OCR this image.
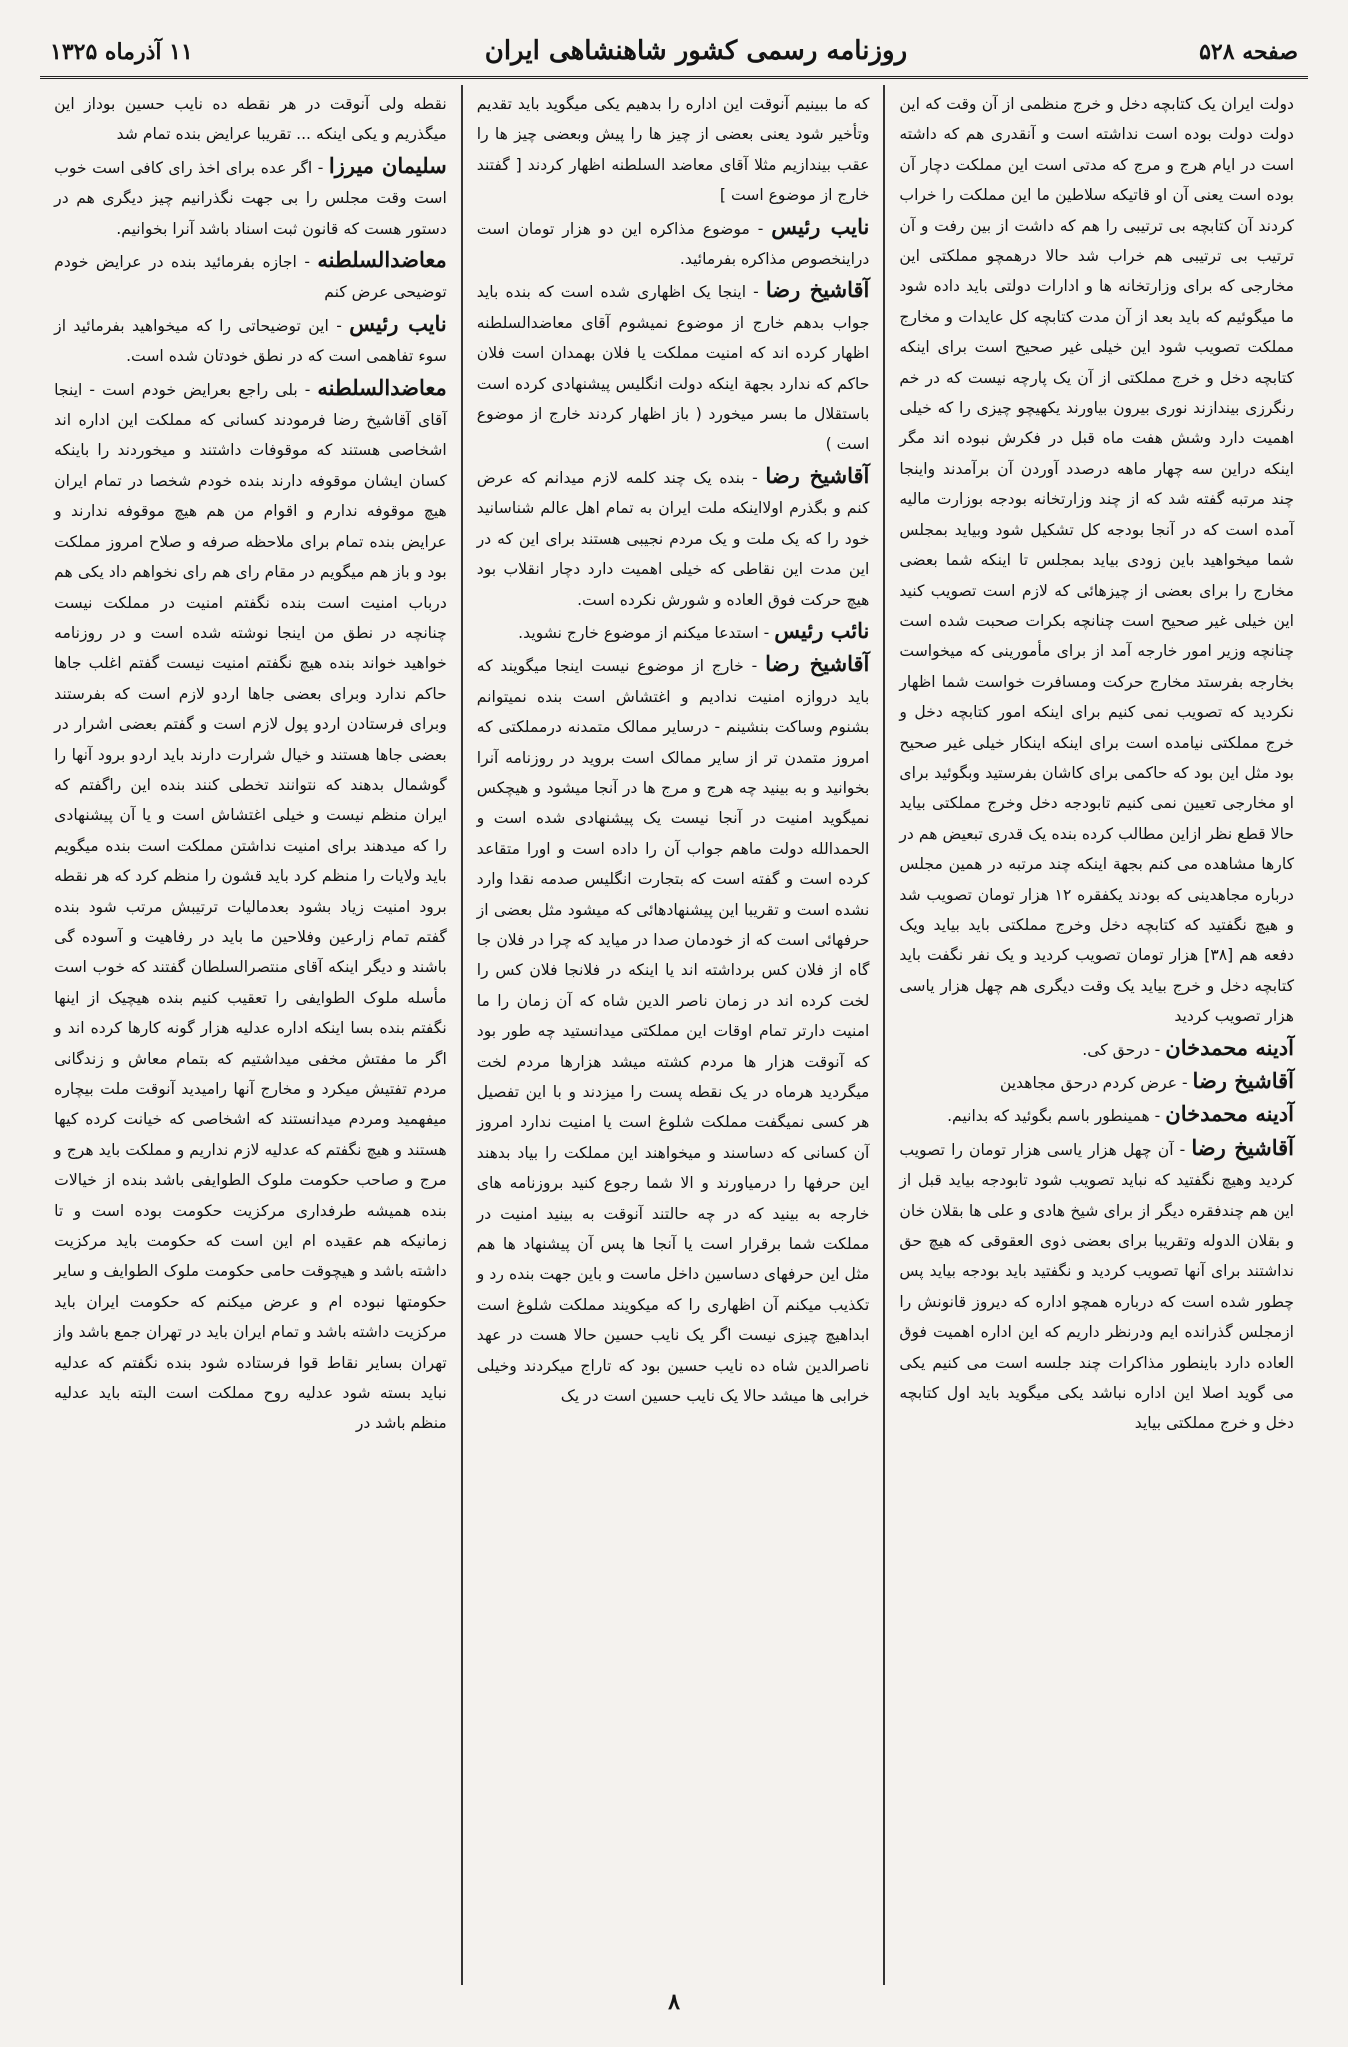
صفحه ۵۲۸
روزنامه رسمی کشور شاهنشاهی ایران
۱۱ آذرماه ۱۳۲۵

دولت ایران یک کتابچه دخل و خرج منظمی از آن وقت که این دولت دولت بوده است نداشته است و آنقدری هم که داشته است در ایام هرج و مرج که مدتی است این مملکت دچار آن بوده است یعنی آن او قاتیکه سلاطین ما این مملکت را خراب کردند آن کتابچه بی ترتیبی را هم که داشت از بین رفت و آن ترتیب بی ترتیبی هم خراب شد حالا درهمچو مملکتی این مخارجی که برای وزارتخانه ها و ادارات دولتی باید داده شود ما میگوئیم که باید بعد از آن مدت کتابچه کل عایدات و مخارج مملکت تصویب شود این خیلی غیر صحیح است برای اینکه کتابچه دخل و خرج مملکتی از آن یک پارچه نیست که در خم رنگرزی بیندازند نوری بیرون بیاورند یکهیچو چیزی را که خیلی اهمیت دارد وشش هفت ماه قبل در فکرش نبوده اند مگر اینکه دراین سه چهار ماهه درصدد آوردن آن برآمدند واینجا چند مرتبه گفته شد که از چند وزارتخانه بودجه بوزارت مالیه آمده است که در آنجا بودجه کل تشکیل شود وبیاید بمجلس شما میخواهید باین زودی بیاید بمجلس تا اینکه شما بعضی مخارج را برای بعضی از چیزهائی که لازم است تصویب کنید این خیلی غیر صحیح است چنانچه بکرات صحبت شده است چنانچه وزیر امور خارجه آمد از برای مأمورینی که میخواست بخارجه بفرستد مخارج حرکت ومسافرت خواست شما اظهار نکردید که تصویب نمی کنیم برای اینکه امور کتابچه دخل و خرج مملکتی نیامده است برای اینکه اینکار خیلی غیر صحیح بود مثل این بود که حاکمی برای کاشان بفرستید وبگوئید برای او مخارجی تعیین نمی کنیم تابودجه دخل وخرج مملکتی بیاید حالا قطع نظر ازاین مطالب کرده بنده یک قدری تبعیض هم در کارها مشاهده می کنم بجهة اینکه چند مرتبه در همین مجلس درباره مجاهدینی که بودند یکفقره ۱۲ هزار تومان تصویب شد و هیچ نگفتید که کتابچه دخل وخرج مملکتی باید بیاید ویک دفعه هم [۳۸] هزار تومان تصویب کردید و یک نفر نگفت باید کتابچه دخل و خرج بیاید یک وقت دیگری هم چهل هزار یاسی هزار تصویب کردید

آدینه محمدخان - درحق کی.

آقاشیخ رضا - عرض کردم درحق مجاهدین

آدینه محمدخان - همینطور باسم بگوئید که بدانیم.

آقاشیخ رضا - آن چهل هزار یاسی هزار تومان را تصویب کردید وهیچ نگفتید که نباید تصویب شود تابودجه بیاید قبل از این هم چندفقره دیگر از برای شیخ هادی و علی ها بقلان خان و بقلان الدوله وتقریبا برای بعضی ذوی العقوقی که هیچ حق نداشتند برای آنها تصویب کردید و نگفتید باید بودجه بیاید پس چطور شده است که درباره همچو اداره که دیروز قانونش را ازمجلس گذرانده ایم ودرنظر داریم که این اداره اهمیت فوق العاده دارد باینطور مذاکرات چند جلسه است می کنیم یکی می گوید اصلا این اداره نباشد یکی میگوید باید اول کتابچه دخل و خرج مملکتی بیاید

که ما ببینیم آنوقت این اداره را بدهیم یکی میگوید باید تقدیم وتأخیر شود یعنی بعضی از چیز ها را پیش وبعضی چیز ها را عقب بیندازیم مثلا آقای معاضد السلطنه اظهار کردند [ گفتند خارج از موضوع است ]

نایب رئیس - موضوع مذاکره این دو هزار تومان است دراینخصوص مذاکره بفرمائید.

آقاشیخ رضا - اینجا یک اظهاری شده است که بنده باید جواب بدهم خارج از موضوع نمیشوم آقای معاضدالسلطنه اظهار کرده اند که امنیت مملکت یا فلان بهمدان است فلان حاکم که ندارد بجهة اینکه دولت انگلیس پیشنهادی کرده است باستقلال ما بسر میخورد ( باز اظهار کردند خارج از موضوع است )

آقاشیخ رضا - بنده یک چند کلمه لازم میدانم که عرض کنم و بگذرم اولااینکه ملت ایران به تمام اهل عالم شناسانید خود را که یک ملت و یک مردم نجیبی هستند برای این که در این مدت این نقاطی که خیلی اهمیت دارد دچار انقلاب بود هیچ حرکت فوق العاده و شورش نکرده است.

نائب رئیس - استدعا میکنم از موضوع خارج نشوید.

آقاشیخ رضا - خارج از موضوع نیست اینجا میگویند که باید دروازه امنیت ندادیم و اغتشاش است بنده نمیتوانم بشنوم وساکت بنشینم - درسایر ممالک متمدنه درمملکتی که امروز متمدن تر از سایر ممالک است بروید در روزنامه آنرا بخوانید و به بینید چه هرج و مرج ها در آنجا میشود و هیچکس نمیگوید امنیت در آنجا نیست یک پیشنهادی شده است و الحمدالله دولت ماهم جواب آن را داده است و اورا متقاعد کرده است و گفته است که بتجارت انگلیس صدمه نقدا وارد نشده است و تقریبا این پیشنهادهائی که میشود مثل بعضی از حرفهائی است که از خودمان صدا در میاید که چرا در فلان جا گاه از فلان کس برداشته اند یا اینکه در فلانجا فلان کس را لخت کرده اند در زمان ناصر الدین شاه که آن زمان را ما امنیت دارتر تمام اوقات این مملکتی میدانستید چه طور بود که آنوقت هزار ها مردم کشته میشد هزارها مردم لخت میگردید هرماه در یک نقطه پست را میزدند و با این تفصیل هر کسی نمیگفت مملکت شلوغ است یا امنیت ندارد امروز آن کسانی که دساسند و میخواهند این مملکت را بیاد بدهند این حرفها را درمیاورند و الا شما رجوع کنید بروزنامه های خارجه به بینید که در چه حالتند آنوقت به بینید امنیت در مملکت شما برقرار است یا آنجا ها پس آن پیشنهاد ها هم مثل این حرفهای دساسین داخل ماست و باین جهت بنده رد و تکذیب میکنم آن اظهاری را که میکویند مملکت شلوغ است ابداهیچ چیزی نیست اگر یک نایب حسین حالا هست در عهد ناصرالدین شاه ده نایب حسین بود که تاراج میکردند وخیلی خرابی ها میشد حالا یک نایب حسین است در یک

نقطه ولی آنوقت در هر نقطه ده نایب حسین بوداز این میگذریم و یکی اینکه ... تقریبا عرایض بنده تمام شد

سلیمان میرزا - اگر عده برای اخذ رای کافی است خوب است وقت مجلس را بی جهت نگذرانیم چیز دیگری هم در دستور هست که قانون ثبت اسناد باشد آنرا بخوانیم.

معاضدالسلطنه - اجازه بفرمائید بنده در عرایض خودم توضیحی عرض کنم

نایب رئیس - این توضیحاتی را که میخواهید بفرمائید از سوء تفاهمی است که در نطق خودتان شده است.

معاضدالسلطنه - بلی راجع بعرایض خودم است - اینجا آقای آقاشیخ رضا فرمودند کسانی که مملکت این اداره اند اشخاصی هستند که موقوفات داشتند و میخوردند را باینکه کسان ایشان موقوفه دارند بنده خودم شخصا در تمام ایران هیچ موقوفه ندارم و اقوام من هم هیچ موقوفه ندارند و عرایض بنده تمام برای ملاحظه صرفه و صلاح امروز مملکت بود و باز هم میگویم در مقام رای هم رای نخواهم داد یکی هم درباب امنیت است بنده نگفتم امنیت در مملکت نیست چنانچه در نطق من اینجا نوشته شده است و در روزنامه خواهید خواند بنده هیچ نگفتم امنیت نیست گفتم اغلب جاها حاکم ندارد وبرای بعضی جاها اردو لازم است که بفرستند وبرای فرستادن اردو پول لازم است و گفتم بعضی اشرار در بعضی جاها هستند و خیال شرارت دارند باید اردو برود آنها را گوشمال بدهند که نتوانند تخطی کنند بنده این راگفتم که ایران منظم نیست و خیلی اغتشاش است و یا آن پیشنهادی را که میدهند برای امنیت نداشتن مملکت است بنده میگویم باید ولایات را منظم کرد باید قشون را منظم کرد که هر نقطه برود امنیت زیاد بشود بعدمالیات ترتیبش مرتب شود بنده گفتم تمام زارعین وفلاحین ما باید در رفاهیت و آسوده گی باشند و دیگر اینکه آقای منتصرالسلطان گفتند که خوب است مأسله ملوک الطوایفی را تعقیب کنیم بنده هیچیک از اینها نگفتم بنده بسا اینکه اداره عدلیه هزار گونه کارها کرده اند و اگر ما مفتش مخفی میداشتیم که بتمام معاش و زندگانی مردم تفتیش میکرد و مخارج آنها رامیدید آنوقت ملت بیچاره میفهمید ومردم میدانستند که اشخاصی که خیانت کرده کیها هستند و هیچ نگفتم که عدلیه لازم نداریم و مملکت باید هرج و مرج و صاحب حکومت ملوک الطوایفی باشد بنده از خیالات بنده همیشه طرفداری مرکزیت حکومت بوده است و تا زمانیکه هم عقیده ام این است که حکومت باید مرکزیت داشته باشد و هیچوقت حامی حکومت ملوک الطوایف و سایر حکومتها نبوده ام و عرض میکنم که حکومت ایران باید مرکزیت داشته باشد و تمام ایران باید در تهران جمع باشد واز تهران بسایر نقاط قوا فرستاده شود بنده نگفتم که عدلیه نباید بسته شود عدلیه روح مملکت است البته باید عدلیه منظم باشد در

۸
